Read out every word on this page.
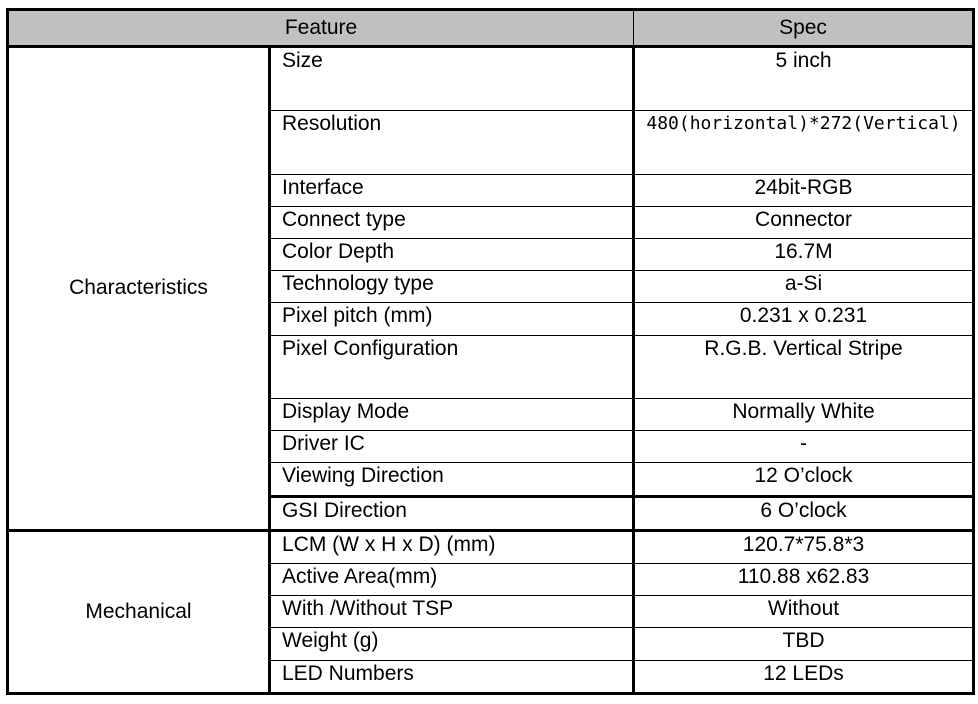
Feature		Spec
Characteristics	Size	5 inch
	Resolution	480(horizontal)*272(Vertical)
	Interface	24bit-RGB
	Connect type	Connector
	Color Depth	16.7M
	Technology type	a-Si
	Pixel pitch (mm)	0.231 x 0.231
	Pixel Configuration	R.G.B. Vertical Stripe
	Display Mode	Normally White
	Driver IC	-
	Viewing Direction	12 O’clock
	GSI Direction	6 O’clock
Mechanical	LCM (W x H x D) (mm)	120.7*75.8*3
	Active Area(mm)	110.88 x62.83
	With /Without TSP	Without
	Weight (g)	TBD
	LED Numbers	12 LEDs
